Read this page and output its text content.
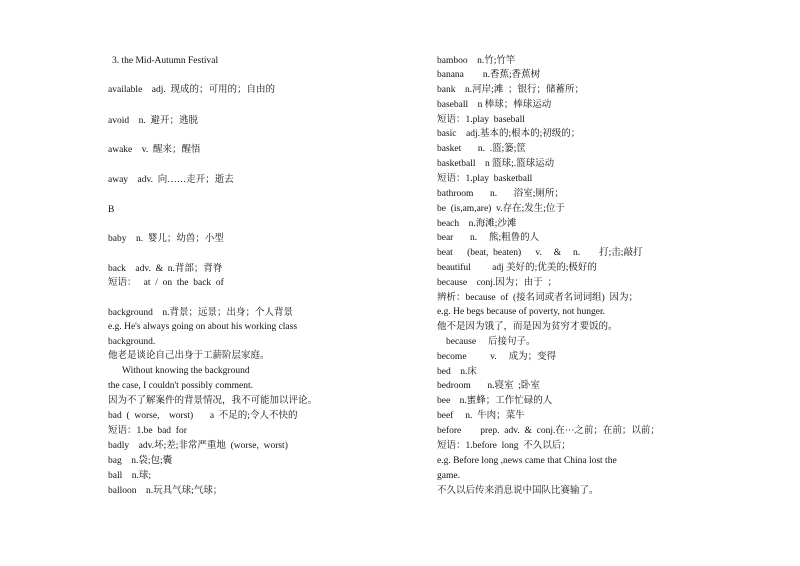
3. the Mid-Autumn Festival
available    adj.  现成的；可用的；自由的
avoid    n.  避开；逃脱
awake    v.  醒来；醒悟
away    adv.  向……走开；逝去
B
baby    n.  婴儿；幼兽；小型
back    adv.  &  n.背部；背脊
短语：   at  /  on  the  back  of
background    n.背景；远景；出身；个人背景
e.g. He's always going on about his working class
background.
他老是谈论自己出身于工薪阶层家庭。
Without knowing the background
the case, I couldn't possibly comment.
因为不了解案件的背景情况，我不可能加以评论。
bad  (  worse,    worst)       a  不足的;令人不快的
短语：1.be  bad  for
badly    adv.坏;差;非常严重地  (worse,  worst)
bag    n.袋;包;囊
ball    n.球;
balloon    n.玩具气球;气球；
bamboo    n.竹;竹竿
banana        n.香蕉;香蕉树
bank    n.河岸;滩  ；银行；储蓄所；
baseball    n 棒球；棒球运动
短语：1.play  baseball
basic    adj.基本的;根本的;初级的；
basket       n.  .篮;篓;筐
basketball    n 篮球;.篮球运动
短语：1.play  basketball
bathroom       n.       浴室;厕所；
be  (is,am,are)  v.存在;发生;位于
beach    n.海滩;沙滩
bear       n.     熊;粗鲁的人
beat      (beat,  beaten)      v.     &     n.        打;击;敲打
beautiful         adj 美好的;优美的;极好的
because    conj.因为；由于  ；
辨析：because  of  (接名词或者名词词组)  因为；
e.g. He begs because of poverty, not hunger.
他不是因为饿了，而是因为贫穷才要饭的。
because     后接句子。
become          v.     成为；变得
bed    n.床
bedroom       n.寝室  ;卧室
bee    n.蜜蜂；工作忙碌的人
beef     n.  牛肉；菜牛
before        prep.  adv.  &  conj.在···之前；在前；以前；
短语：1.before  long  不久以后；
e.g. Before long ,news came that China lost the
game.
不久以后传来消息说中国队比赛输了。
